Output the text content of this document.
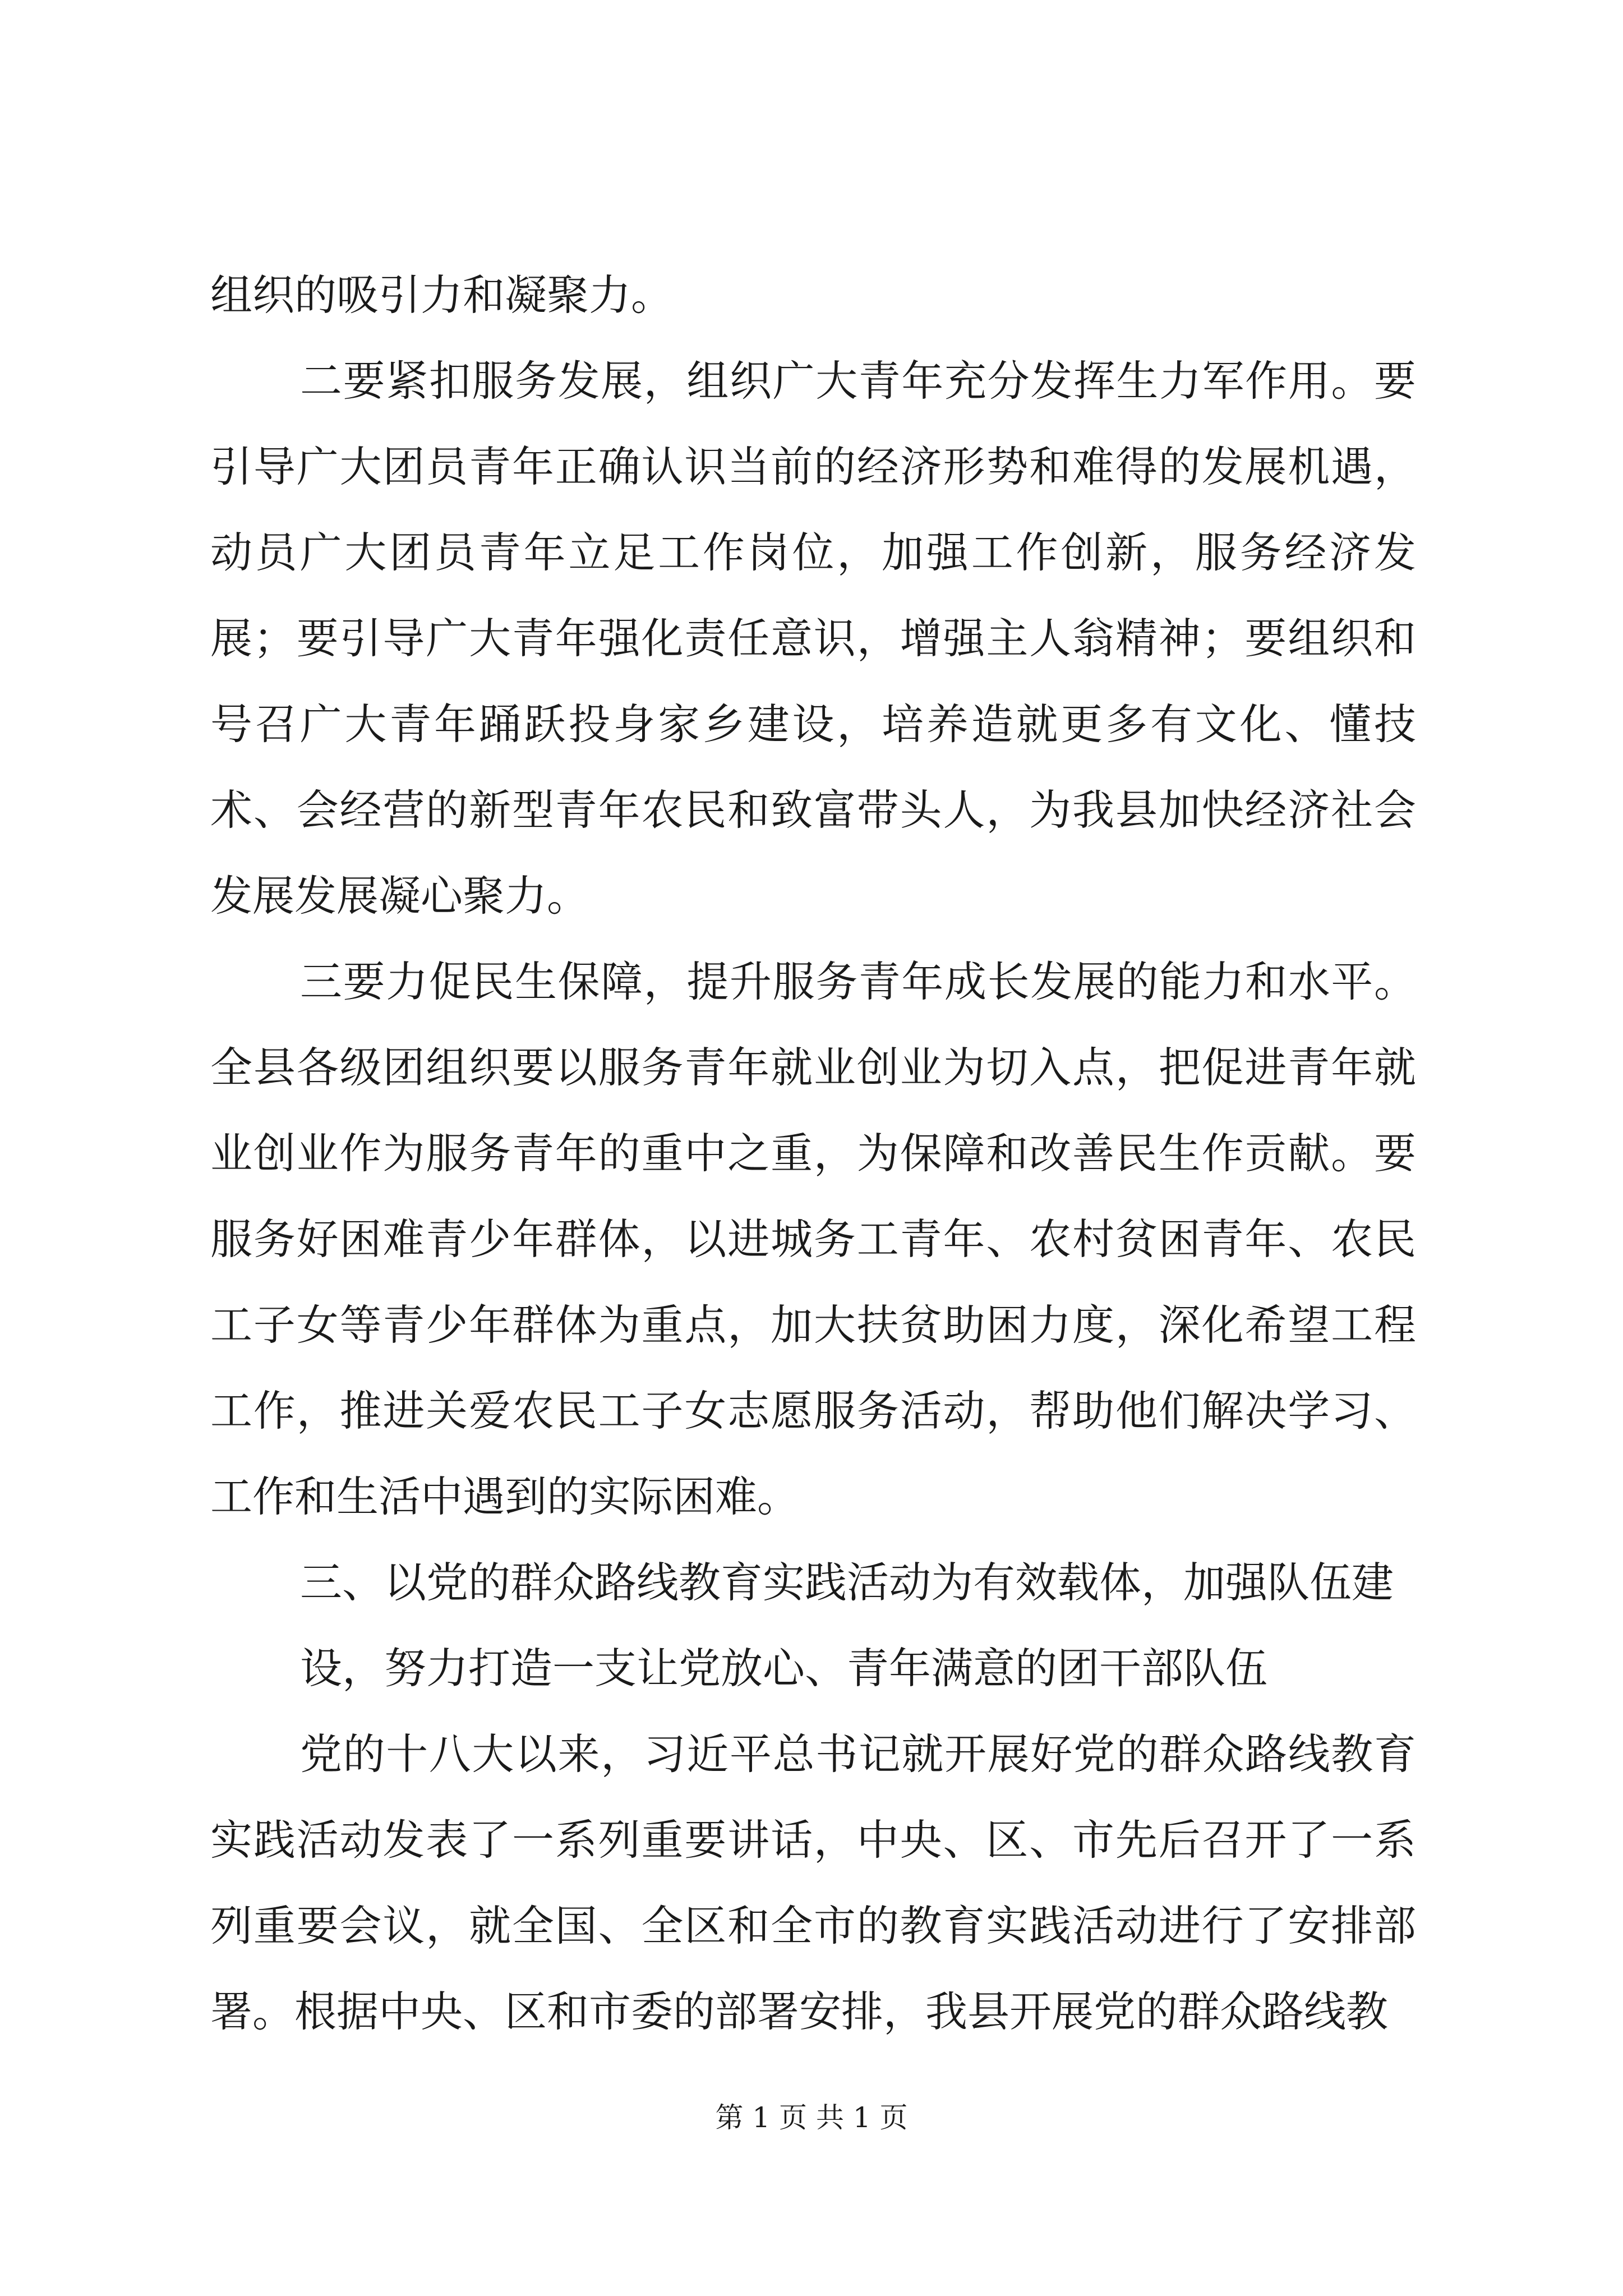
组织的吸引力和凝聚力。

二要紧扣服务发展，组织广大青年充分发挥生力军作用。要引导广大团员青年正确认识当前的经济形势和难得的发展机遇，动员广大团员青年立足工作岗位，加强工作创新，服务经济发展；要引导广大青年强化责任意识，增强主人翁精神；要组织和号召广大青年踊跃投身家乡建设，培养造就更多有文化、懂技术、会经营的新型青年农民和致富带头人，为我县加快经济社会发展发展凝心聚力。

三要力促民生保障，提升服务青年成长发展的能力和水平。全县各级团组织要以服务青年就业创业为切入点，把促进青年就业创业作为服务青年的重中之重，为保障和改善民生作贡献。要服务好困难青少年群体，以进城务工青年、农村贫困青年、农民工子女等青少年群体为重点，加大扶贫助困力度，深化希望工程工作，推进关爱农民工子女志愿服务活动，帮助他们解决学习、工作和生活中遇到的实际困难。

三、以党的群众路线教育实践活动为有效载体，加强队伍建设，努力打造一支让党放心、青年满意的团干部队伍

党的十八大以来，习近平总书记就开展好党的群众路线教育实践活动发表了一系列重要讲话，中央、区、市先后召开了一系列重要会议，就全国、全区和全市的教育实践活动进行了安排部署。根据中央、区和市委的部署安排，我县开展党的群众路线教

第 1 页 共 1 页
